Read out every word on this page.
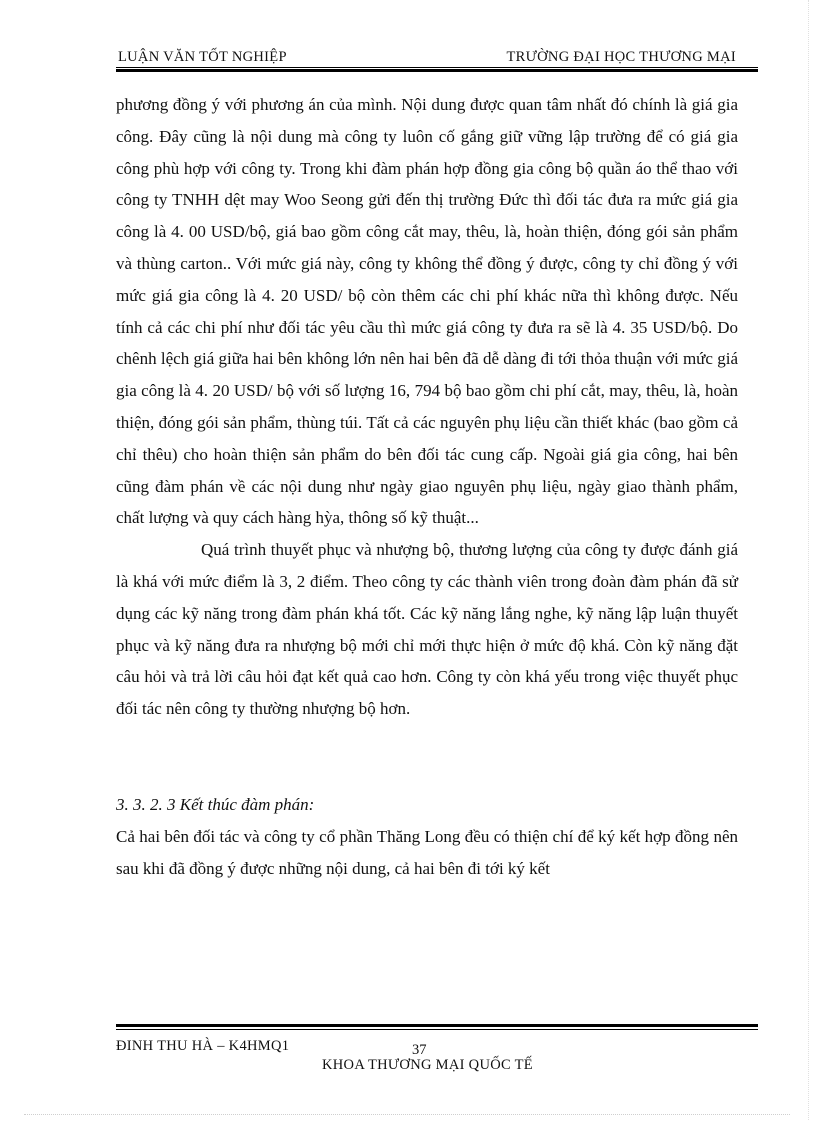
LUẬN VĂN TỐT NGHIỆP	TRƯỜNG ĐẠI HỌC THƯƠNG MẠI

phương đồng ý với phương án của mình. Nội dung được quan tâm nhất đó chính là giá gia công. Đây cũng là nội dung mà công ty luôn cố gắng giữ vững lập trường để có giá gia công phù hợp với công ty. Trong khi đàm phán hợp đồng gia công bộ quần áo thể thao với công ty TNHH dệt may Woo Seong gửi đến thị trường Đức thì đối tác đưa ra mức giá gia công là 4. 00 USD/bộ, giá bao gồm công cắt may, thêu, là, hoàn thiện, đóng gói sản phẩm và thùng carton.. Với mức giá này, công ty không thể đồng ý được, công ty chỉ đồng ý với mức giá gia công là 4. 20 USD/ bộ còn thêm các chi phí khác nữa thì không được. Nếu tính cả các chi phí như đối tác yêu cầu thì mức giá công ty đưa ra sẽ là 4. 35 USD/bộ. Do chênh lệch giá giữa hai bên không lớn nên hai bên đã dễ dàng đi tới thỏa thuận với mức giá gia công là 4. 20 USD/ bộ với số lượng 16, 794 bộ bao gồm chi phí cắt, may, thêu, là, hoàn thiện, đóng gói sản phẩm, thùng túi. Tất cả các nguyên phụ liệu cần thiết khác (bao gồm cả chỉ thêu) cho hoàn thiện sản phẩm do bên đối tác cung cấp. Ngoài giá gia công, hai bên cũng đàm phán về các nội dung như ngày giao nguyên phụ liệu, ngày giao thành phẩm, chất lượng và quy cách hàng hỳa, thông số kỹ thuật...

Quá trình thuyết phục và nhượng bộ, thương lượng của công ty được đánh giá là khá với mức điểm là 3, 2 điểm. Theo công ty các thành viên trong đoàn đàm phán đã sử dụng các kỹ năng trong đàm phán khá tốt. Các kỹ năng lắng nghe, kỹ năng lập luận thuyết phục và kỹ năng đưa ra nhượng bộ mới chỉ mới thực hiện ở mức độ khá. Còn kỹ năng đặt câu hỏi và trả lời câu hỏi đạt kết quả cao hơn. Công ty còn khá yếu trong việc thuyết phục đối tác nên công ty thường nhượng bộ hơn.

3. 3. 2. 3 Kết thúc đàm phán:

Cả hai bên đối tác và công ty cổ phần Thăng Long đều có thiện chí để ký kết hợp đồng nên sau khi đã đồng ý được những nội dung, cả hai bên đi tới ký kết

ĐINH THU HÀ – K4HMQ1	37
KHOA THƯƠNG MẠI QUỐC TẾ
